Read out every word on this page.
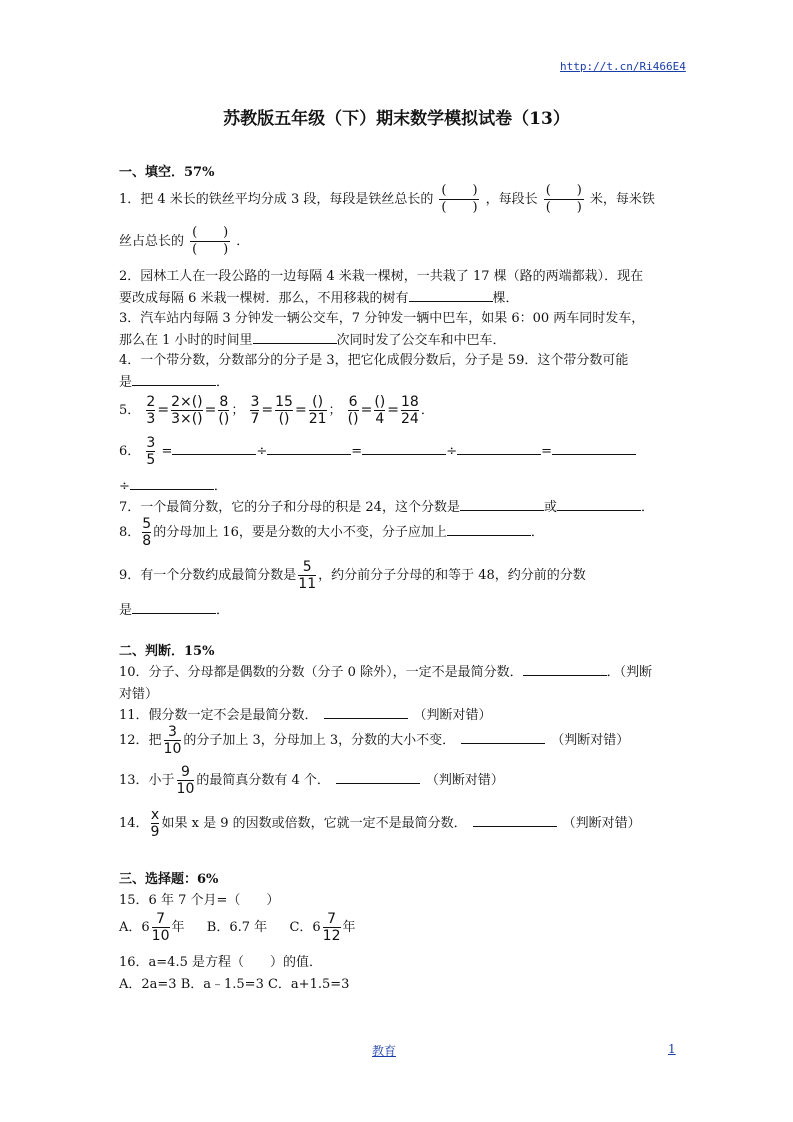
http://t.cn/Ri466E4
苏教版五年级（下）期末数学模拟试卷（13）
一、填空．57%
1．把 4 米长的铁丝平均分成 3 段，每段是铁丝总长的
(　　)
(　　)
，每段长
(　　)
(　　)
米，每米铁
丝占总长的
(　　)
(　　)
．
2．园林工人在一段公路的一边每隔 4 米栽一棵树，一共栽了 17 棵（路的两端都栽）．现在
要改成每隔 6 米栽一棵树．那么，不用移栽的树有	棵．
3．汽车站内每隔 3 分钟发一辆公交车，7 分钟发一辆中巴车，如果 6：00 两车同时发车，
那么在 1 小时的时间里	次同时发了公交车和中巴车．
4．一个带分数，分数部分的分子是 3，把它化成假分数后，分子是 59．这个带分数可能
是	．
5． $\frac{2}{3} = \frac{2\times()}{3\times()} = \frac{8}{()}$ ； $\frac{3}{7} = \frac{15}{()} = \frac{()}{21}$ ； $\frac{6}{()} = \frac{()}{4} = \frac{18}{24}$ ．
6． $\frac{3}{5}$ =	÷	=	÷	=
÷	．
7．一个最简分数，它的分子和分母的积是 24，这个分数是	或	．
8． $\frac{5}{8}$ 的分母加上 16，要是分数的大小不变，分子应加上	．
9．有一个分数约成最简分数是 $\frac{5}{11}$ ，约分前分子分母的和等于 48，约分前的分数
是	．
二、判断．15%
10．分子、分母都是偶数的分数（分子 0 除外），一定不是最简分数．	．（判断
对错）
11．假分数一定不会是最简分数．	（判断对错）
12．把 $\frac{3}{10}$ 的分子加上 3，分母加上 3，分数的大小不变．	（判断对错）
13．小于 $\frac{9}{10}$ 的最简真分数有 4 个．	（判断对错）
14． $\frac{x}{9}$ 如果 x 是 9 的因数或倍数，它就一定不是最简分数．	（判断对错）
三、选择题：6%
15．6 年 7 个月=（　　）
A．$6 \frac{7}{10}$ 年 B．6.7 年 C．$6 \frac{7}{12}$ 年
16．a=4.5 是方程（　　）的值．
A．2a=3 B．a﹣1.5=3 C．a+1.5=3
教育	1
